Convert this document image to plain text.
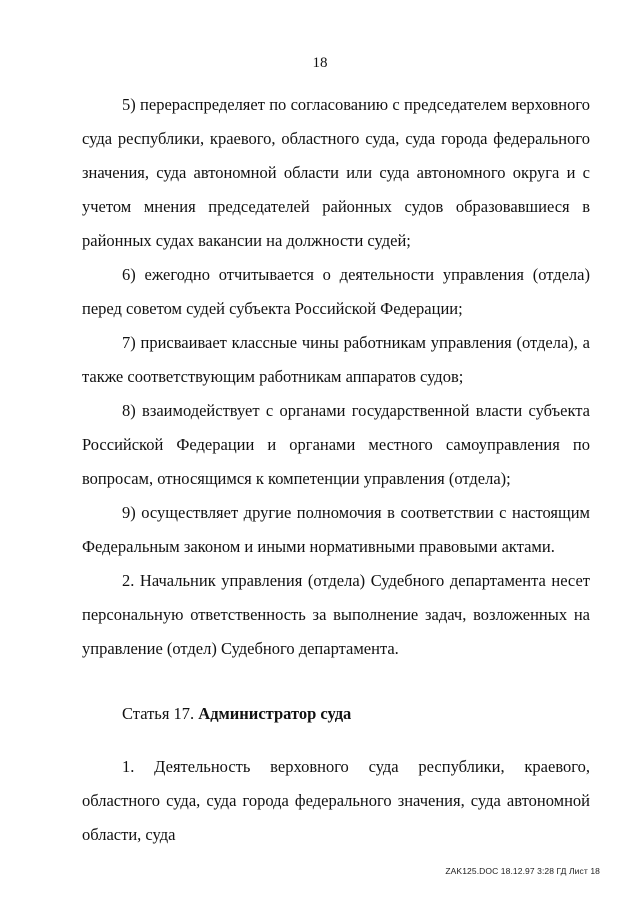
18

5) перераспределяет по согласованию с председателем верховного суда республики, краевого, областного суда, суда города федерального значения, суда автономной области или суда автономного округа и с учетом мнения председателей районных судов образовавшиеся в районных судах вакансии на должности судей;

6) ежегодно отчитывается о деятельности управления (отдела) перед советом судей субъекта Российской Федерации;

7) присваивает классные чины работникам управления (отдела), а также соответствующим работникам аппаратов судов;

8) взаимодействует с органами государственной власти субъекта Российской Федерации и органами местного самоуправления по вопросам, относящимся к компетенции управления (отдела);

9) осуществляет другие полномочия в соответствии с настоящим Федеральным законом и иными нормативными правовыми актами.

2. Начальник управления (отдела) Судебного департамента несет персональную ответственность за выполнение задач, возложенных на управление (отдел) Судебного департамента.

Статья 17. Администратор суда

1. Деятельность верховного суда республики, краевого, областного суда, суда города федерального значения, суда автономной области, суда

ZAK125.DOC 18.12.97 3:28 ГД Лист 18
